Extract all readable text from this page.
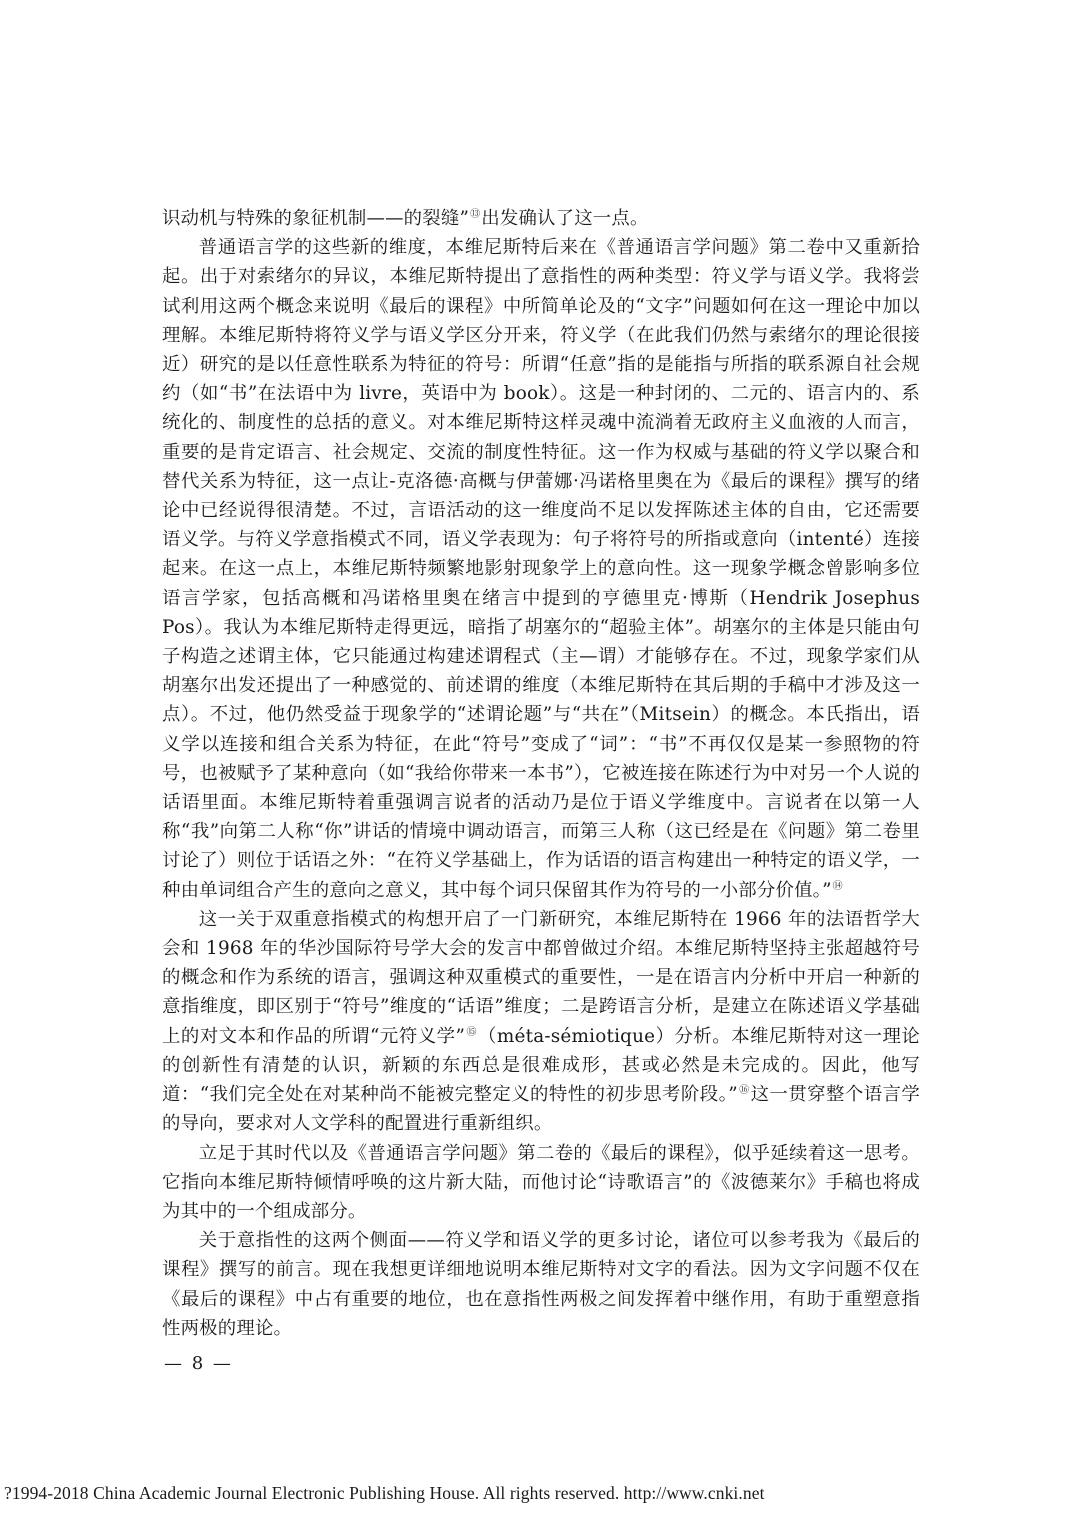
识动机与特殊的象征机制——的裂缝”⑬出发确认了这一点。

普通语言学的这些新的维度，本维尼斯特后来在《普通语言学问题》第二卷中又重新拾起。出于对索绪尔的异议，本维尼斯特提出了意指性的两种类型：符义学与语义学。我将尝试利用这两个概念来说明《最后的课程》中所简单论及的“文字”问题如何在这一理论中加以理解。本维尼斯特将符义学与语义学区分开来，符义学（在此我们仍然与索绪尔的理论很接近）研究的是以任意性联系为特征的符号：所谓“任意”指的是能指与所指的联系源自社会规约（如“书”在法语中为 livre，英语中为 book）。这是一种封闭的、二元的、语言内的、系统化的、制度性的总括的意义。对本维尼斯特这样灵魂中流淌着无政府主义血液的人而言，重要的是肯定语言、社会规定、交流的制度性特征。这一作为权威与基础的符义学以聚合和替代关系为特征，这一点让-克洛德·高概与伊蕾娜·冯诺格里奥在为《最后的课程》撰写的绪论中已经说得很清楚。不过，言语活动的这一维度尚不足以发挥陈述主体的自由，它还需要语义学。与符义学意指模式不同，语义学表现为：句子将符号的所指或意向（intenté）连接起来。在这一点上，本维尼斯特频繁地影射现象学上的意向性。这一现象学概念曾影响多位语言学家，包括高概和冯诺格里奥在绪言中提到的亨德里克·博斯（Hendrik Josephus Pos）。我认为本维尼斯特走得更远，暗指了胡塞尔的“超验主体”。胡塞尔的主体是只能由句子构造之述谓主体，它只能通过构建述谓程式（主—谓）才能够存在。不过，现象学家们从胡塞尔出发还提出了一种感觉的、前述谓的维度（本维尼斯特在其后期的手稿中才涉及这一点）。不过，他仍然受益于现象学的“述谓论题”与“共在”（Mitsein）的概念。本氏指出，语义学以连接和组合关系为特征，在此“符号”变成了“词”：“书”不再仅仅是某一参照物的符号，也被赋予了某种意向（如“我给你带来一本书”），它被连接在陈述行为中对另一个人说的话语里面。本维尼斯特着重强调言说者的活动乃是位于语义学维度中。言说者在以第一人称“我”向第二人称“你”讲话的情境中调动语言，而第三人称（这已经是在《问题》第二卷里讨论了）则位于话语之外：“在符义学基础上，作为话语的语言构建出一种特定的语义学，一种由单词组合产生的意向之意义，其中每个词只保留其作为符号的一小部分价值。”⑭

这一关于双重意指模式的构想开启了一门新研究，本维尼斯特在 1966 年的法语哲学大会和 1968 年的华沙国际符号学大会的发言中都曾做过介绍。本维尼斯特坚持主张超越符号的概念和作为系统的语言，强调这种双重模式的重要性，一是在语言内分析中开启一种新的意指维度，即区别于“符号”维度的“话语”维度；二是跨语言分析，是建立在陈述语义学基础上的对文本和作品的所谓“元符义学”⑮（méta-sémiotique）分析。本维尼斯特对这一理论的创新性有清楚的认识，新颖的东西总是很难成形，甚或必然是未完成的。因此，他写道：“我们完全处在对某种尚不能被完整定义的特性的初步思考阶段。”⑯这一贯穿整个语言学的导向，要求对人文学科的配置进行重新组织。

立足于其时代以及《普通语言学问题》第二卷的《最后的课程》，似乎延续着这一思考。它指向本维尼斯特倾情呼唤的这片新大陆，而他讨论“诗歌语言”的《波德莱尔》手稿也将成为其中的一个组成部分。

关于意指性的这两个侧面——符义学和语义学的更多讨论，诸位可以参考我为《最后的课程》撰写的前言。现在我想更详细地说明本维尼斯特对文字的看法。因为文字问题不仅在《最后的课程》中占有重要的地位，也在意指性两极之间发挥着中继作用，有助于重塑意指性两极的理论。

— 8 —
?1994-2018 China Academic Journal Electronic Publishing House. All rights reserved. http://www.cnki.net
